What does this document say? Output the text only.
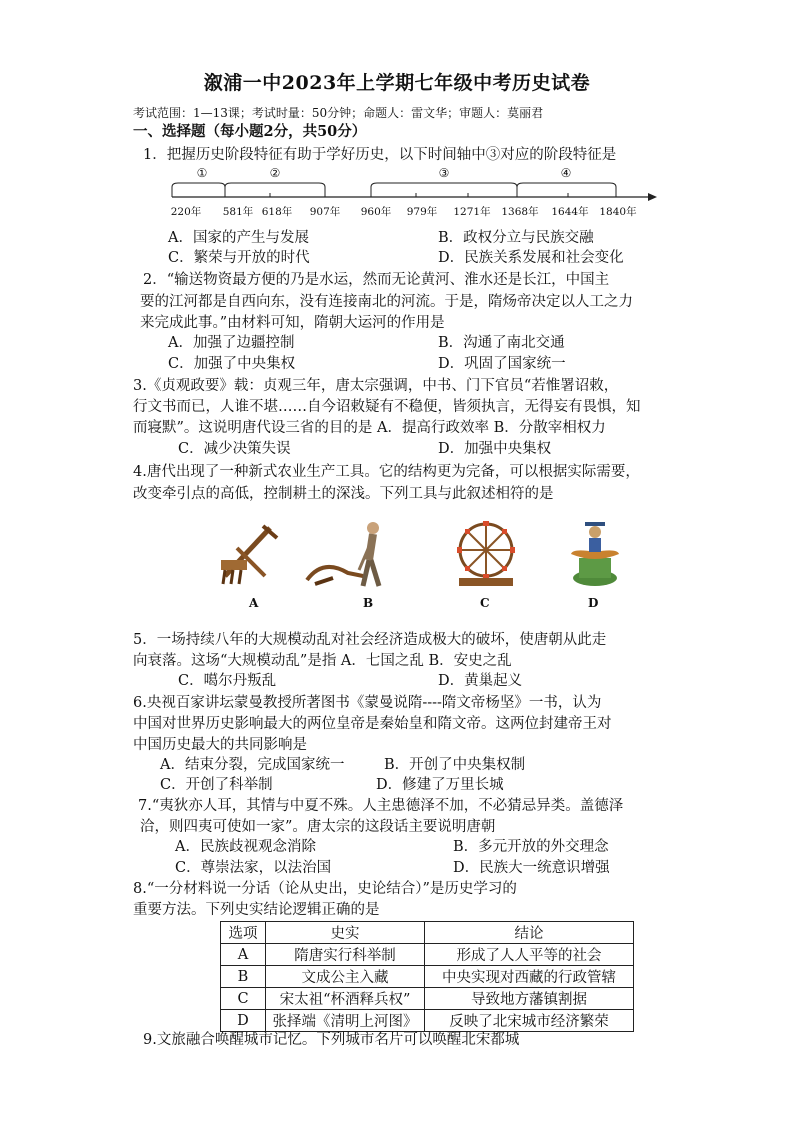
溆浦一中2023年上学期七年级中考历史试卷
考试范围：1—13课；考试时量：50分钟；命题人：雷文华；审题人：莫丽君
一、选择题（每小题2分，共50分）
1．把握历史阶段特征有助于学好历史，以下时间轴中③对应的阶段特征是
①	②	③	④
220年 581年 618年 907年 960年 979年 1271年 1368年 1644年 1840年
A．国家的产生与发展	B．政权分立与民族交融
C．繁荣与开放的时代	D．民族关系发展和社会变化
2．“输送物资最方便的乃是水运，然而无论黄河、淮水还是长江，中国主
要的江河都是自西向东，没有连接南北的河流。于是，隋炀帝决定以人工之力
来完成此事。”由材料可知，隋朝大运河的作用是
A．加强了边疆控制	B．沟通了南北交通
C．加强了中央集权	D．巩固了国家统一
3.《贞观政要》载：贞观三年，唐太宗强调，中书、门下官员“若惟署诏敕，
行文书而已，人谁不堪……自今诏敕疑有不稳便，皆须执言，无得妄有畏惧，知
而寝默”。这说明唐代设三省的目的是 A．提高行政效率 B．分散宰相权力
C．减少决策失误	D．加强中央集权
4.唐代出现了一种新式农业生产工具。它的结构更为完备，可以根据实际需要，
改变牵引点的高低，控制耕土的深浅。下列工具与此叙述相符的是
A	B	C	D
5．一场持续八年的大规模动乱对社会经济造成极大的破坏，使唐朝从此走
向衰落。这场“大规模动乱”是指 A．七国之乱 B．安史之乱
C．噶尔丹叛乱	D．黄巢起义
6.央视百家讲坛蒙曼教授所著图书《蒙曼说隋----隋文帝杨坚》一书，认为
中国对世界历史影响最大的两位皇帝是秦始皇和隋文帝。这两位封建帝王对
中国历史最大的共同影响是
A．结束分裂，完成国家统一	B．开创了中央集权制
C．开创了科举制	D．修建了万里长城
7.“夷狄亦人耳，其情与中夏不殊。人主患德泽不加，不必猜忌异类。盖德泽
洽，则四夷可使如一家”。唐太宗的这段话主要说明唐朝
A．民族歧视观念消除	B．多元开放的外交理念
C．尊崇法家，以法治国	D．民族大一统意识增强
8.“一分材料说一分话（论从史出，史论结合）”是历史学习的
重要方法。下列史实结论逻辑正确的是
选项	史实	结论
A	隋唐实行科举制	形成了人人平等的社会
B	文成公主入藏	中央实现对西藏的行政管辖
C	宋太祖“杯酒释兵权”	导致地方藩镇割据
D	张择端《清明上河图》	反映了北宋城市经济繁荣
9.文旅融合唤醒城市记忆。下列城市名片可以唤醒北宋都城
